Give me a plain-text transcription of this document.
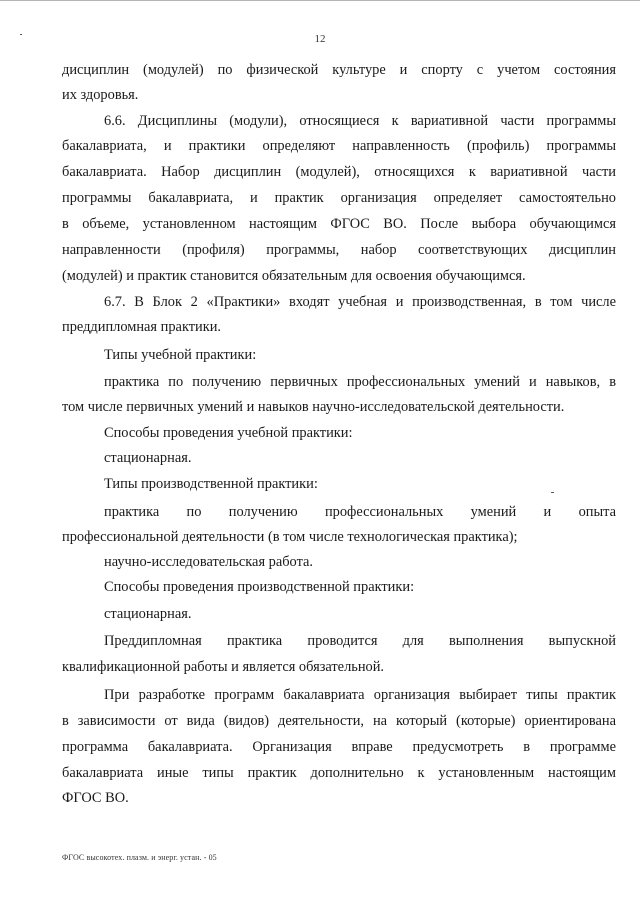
12
дисциплин (модулей) по физической культуре и спорту с учетом состояния
их здоровья.
6.6. Дисциплины (модули), относящиеся к вариативной части программы
бакалавриата, и практики определяют направленность (профиль) программы
бакалавриата. Набор дисциплин (модулей), относящихся к вариативной части
программы бакалавриата, и практик организация определяет самостоятельно
в объеме, установленном настоящим ФГОС ВО. После выбора обучающимся
направленности (профиля) программы, набор соответствующих дисциплин
(модулей) и практик становится обязательным для освоения обучающимся.
6.7. В Блок 2 «Практики» входят учебная и производственная, в том числе
преддипломная практики.
Типы учебной практики:
практика по получению первичных профессиональных умений и навыков, в
том числе первичных умений и навыков научно-исследовательской деятельности.
Способы проведения учебной практики:
стационарная.
Типы производственной практики:
практика по получению профессиональных умений и опыта
профессиональной деятельности (в том числе технологическая практика);
научно-исследовательская работа.
Способы проведения производственной практики:
стационарная.
Преддипломная практика проводится для выполнения выпускной
квалификационной работы и является обязательной.
При разработке программ бакалавриата организация выбирает типы практик
в зависимости от вида (видов) деятельности, на который (которые) ориентирована
программа бакалавриата. Организация вправе предусмотреть в программе
бакалавриата иные типы практик дополнительно к установленным настоящим
ФГОС ВО.
ФГОС высокотех. плазм. и энерг. устан. - 05
